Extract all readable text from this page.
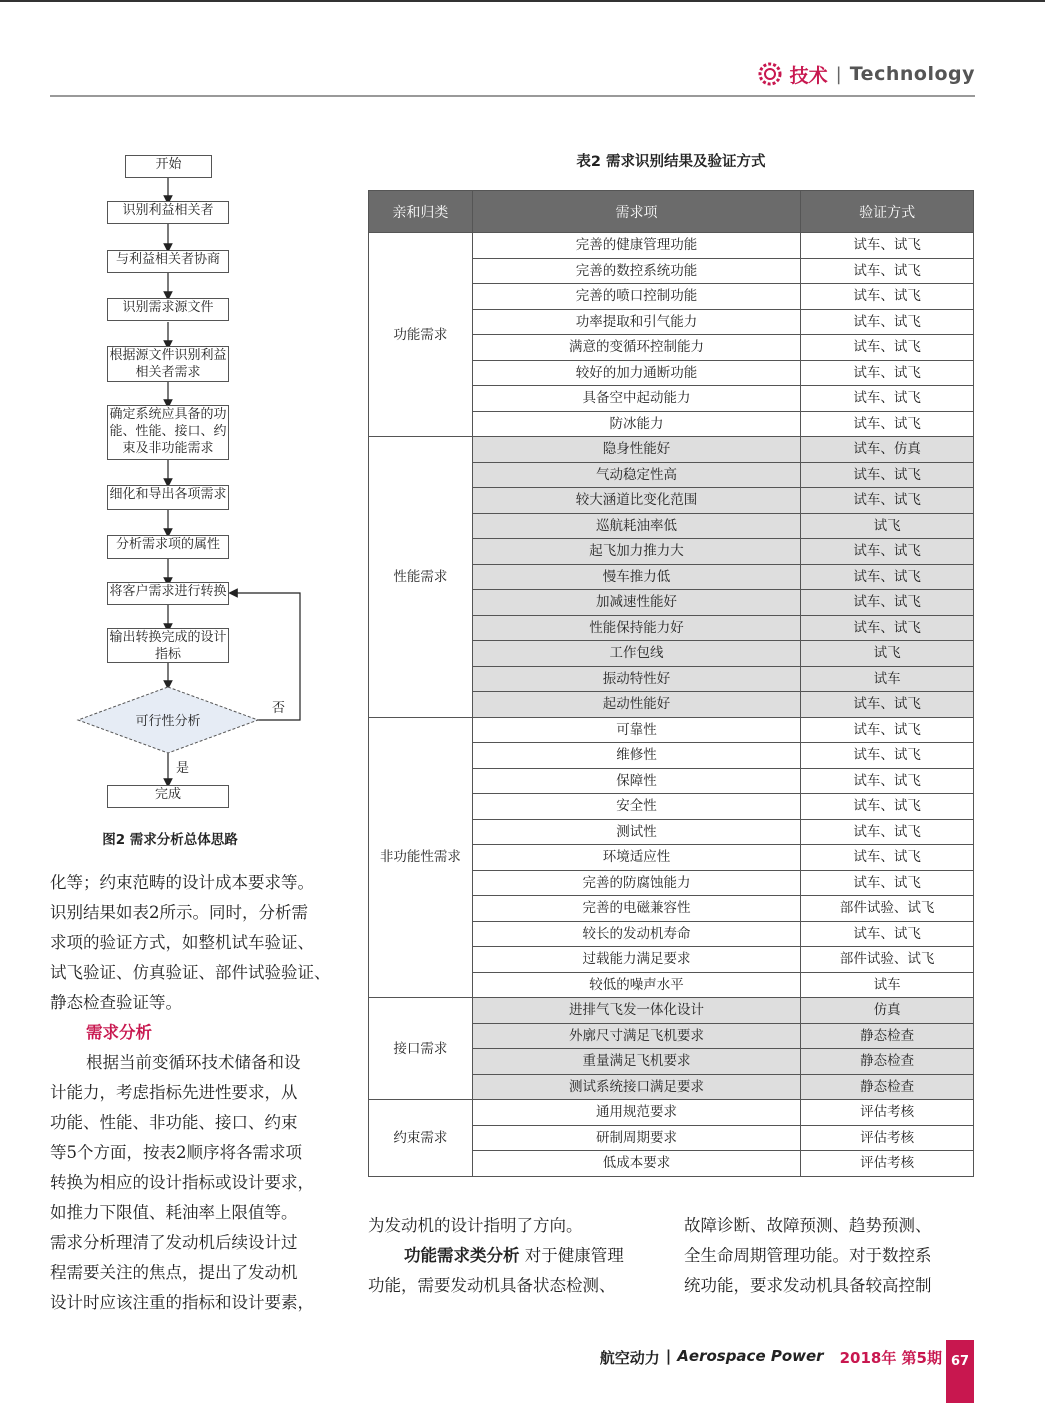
技术 | Technology
开始
识别利益相关者
与利益相关者协商
识别需求源文件
根据源文件识别利益相关者需求
确定系统应具备的功能、性能、接口、约束及非功能需求
细化和导出各项需求
分析需求项的属性
将客户需求进行转换
输出转换完成的设计指标
可行性分析
否
是
完成
图2 需求分析总体思路
表2 需求识别结果及验证方式
亲和归类	需求项	验证方式
功能需求	完善的健康管理功能	试车、试飞
	完善的数控系统功能	试车、试飞
	完善的喷口控制功能	试车、试飞
	功率提取和引气能力	试车、试飞
	满意的变循环控制能力	试车、试飞
	较好的加力通断功能	试车、试飞
	具备空中起动能力	试车、试飞
	防冰能力	试车、试飞
性能需求	隐身性能好	试车、仿真
	气动稳定性高	试车、试飞
	较大涵道比变化范围	试车、试飞
	巡航耗油率低	试飞
	起飞加力推力大	试车、试飞
	慢车推力低	试车、试飞
	加减速性能好	试车、试飞
	性能保持能力好	试车、试飞
	工作包线	试飞
	振动特性好	试车
	起动性能好	试车、试飞
非功能性需求	可靠性	试车、试飞
	维修性	试车、试飞
	保障性	试车、试飞
	安全性	试车、试飞
	测试性	试车、试飞
	环境适应性	试车、试飞
	完善的防腐蚀能力	试车、试飞
	完善的电磁兼容性	部件试验、试飞
	较长的发动机寿命	试车、试飞
	过载能力满足要求	部件试验、试飞
	较低的噪声水平	试车
接口需求	进排气飞发一体化设计	仿真
	外廓尺寸满足飞机要求	静态检查
	重量满足飞机要求	静态检查
	测试系统接口满足要求	静态检查
约束需求	通用规范要求	评估考核
	研制周期要求	评估考核
	低成本要求	评估考核
化等；约束范畴的设计成本要求等。
识别结果如表2所示。同时，分析需
求项的验证方式，如整机试车验证、
试飞验证、仿真验证、部件试验验证、
静态检查验证等。
需求分析
根据当前变循环技术储备和设
计能力，考虑指标先进性要求，从
功能、性能、非功能、接口、约束
等5个方面，按表2顺序将各需求项
转换为相应的设计指标或设计要求，
如推力下限值、耗油率上限值等。
需求分析理清了发动机后续设计过
程需要关注的焦点，提出了发动机
设计时应该注重的指标和设计要素，
为发动机的设计指明了方向。
功能需求类分析 对于健康管理
功能，需要发动机具备状态检测、
故障诊断、故障预测、趋势预测、
全生命周期管理功能。对于数控系
统功能，要求发动机具备较高控制
航空动力 | Aerospace Power 2018年 第5期 67
